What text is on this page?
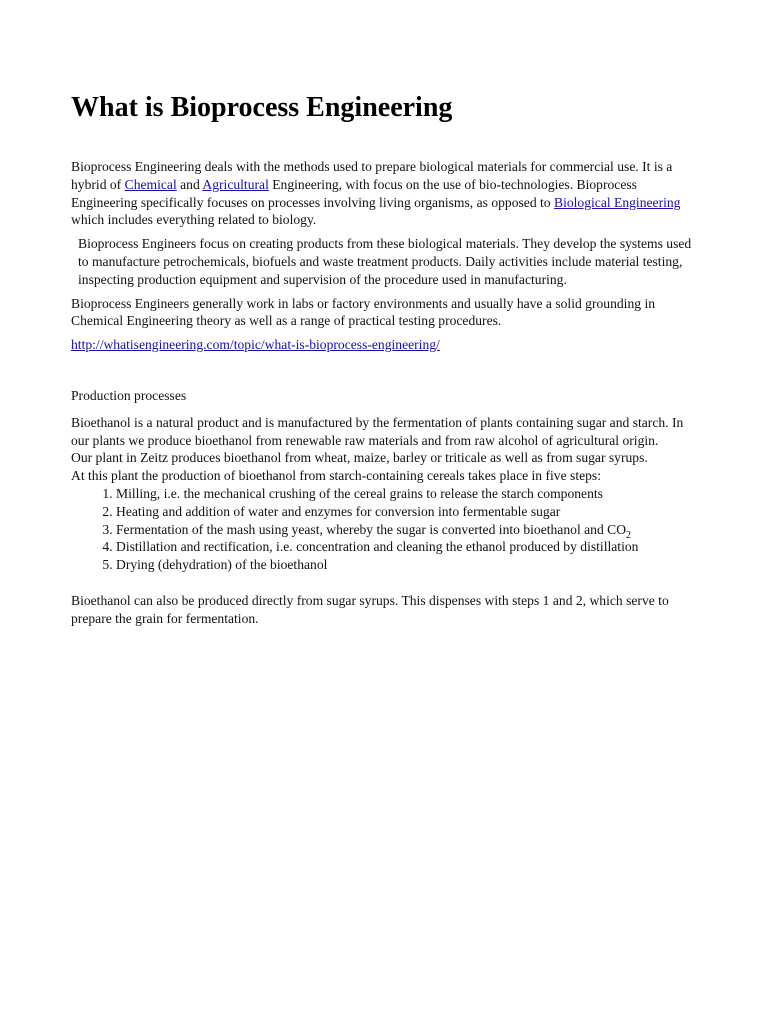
What is Bioprocess Engineering

Bioprocess Engineering deals with the methods used to prepare biological materials for commercial use. It is a hybrid of Chemical and Agricultural Engineering, with focus on the use of bio-technologies. Bioprocess Engineering specifically focuses on processes involving living organisms, as opposed to Biological Engineering which includes everything related to biology.

Bioprocess Engineers focus on creating products from these biological materials. They develop the systems used to manufacture petrochemicals, biofuels and waste treatment products. Daily activities include material testing, inspecting production equipment and supervision of the procedure used in manufacturing.

Bioprocess Engineers generally work in labs or factory environments and usually have a solid grounding in Chemical Engineering theory as well as a range of practical testing procedures.

http://whatisengineering.com/topic/what-is-bioprocess-engineering/

Production processes

Bioethanol is a natural product and is manufactured by the fermentation of plants containing sugar and starch. In our plants we produce bioethanol from renewable raw materials and from raw alcohol of agricultural origin.

Our plant in Zeitz produces bioethanol from wheat, maize, barley or triticale as well as from sugar syrups.

At this plant the production of bioethanol from starch-containing cereals takes place in five steps:

1. Milling, i.e. the mechanical crushing of the cereal grains to release the starch components
2. Heating and addition of water and enzymes for conversion into fermentable sugar
3. Fermentation of the mash using yeast, whereby the sugar is converted into bioethanol and $CO_2$
4. Distillation and rectification, i.e. concentration and cleaning the ethanol produced by distillation
5. Drying (dehydration) of the bioethanol

Bioethanol can also be produced directly from sugar syrups. This dispenses with steps 1 and 2, which serve to prepare the grain for fermentation.
